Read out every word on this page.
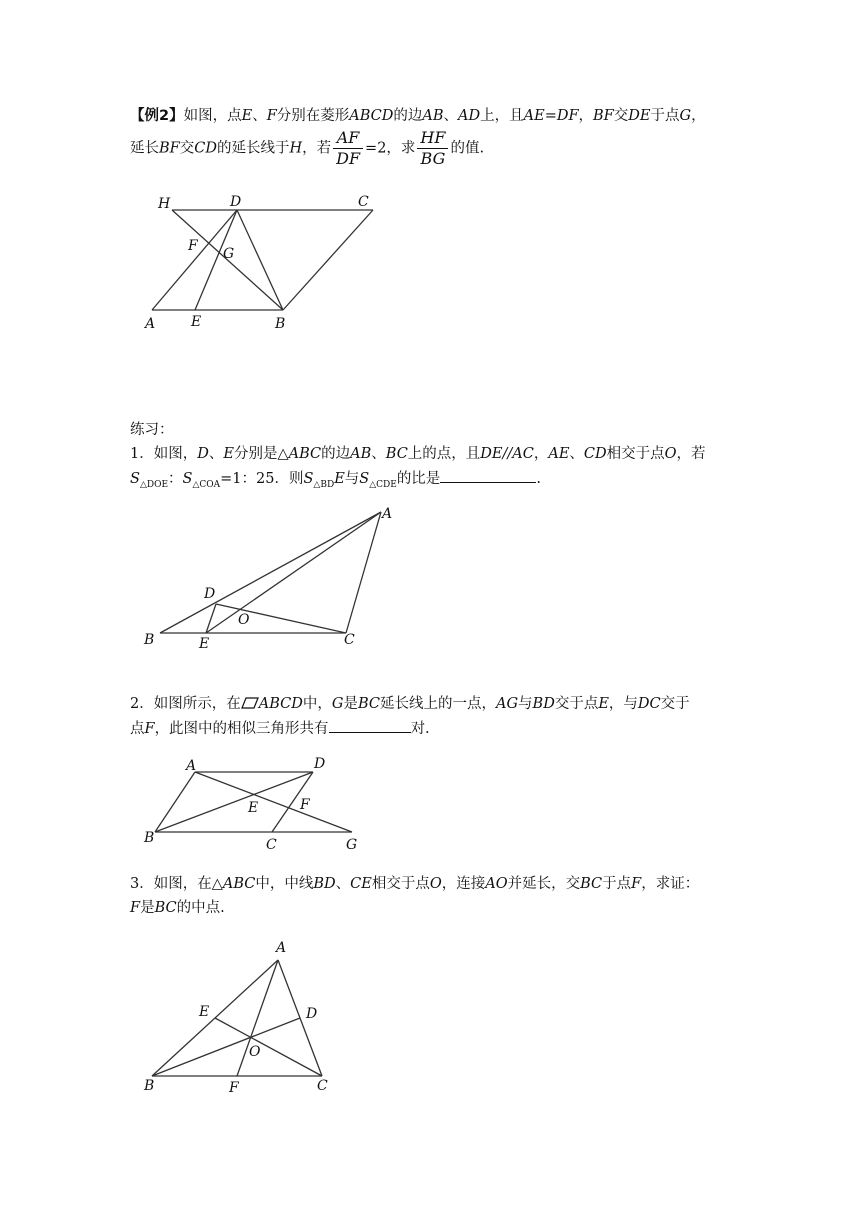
【例2】如图，点E、F分别在菱形ABCD的边AB、AD上，且AE=DF，BF交DE于点G，
延长BF交CD的延长线于H，若 $\frac{AF}{DF} =2$，求 $\frac{HF}{BG}$ 的值.
H	D	C
F G
A	E	B
练习：
1．如图，D、E分别是△ABC的边AB、BC上的点，且DE//AC，AE、CD相交于点O，若
$S_{\triangle DOE}$：$S_{\triangle COA}=1$：25．则$S_{\triangle BD}E$与$S_{\triangle CDE}$的比是	.
A
D
O
B	E	C
2．如图所示，在 ABCD中，G是BC延长线上的一点，AG与BD交于点E，与DC交于
点F，此图中的相似三角形共有	对.
A	D
E	F
B	C	G
3．如图，在△ABC中，中线BD、CE相交于点O，连接AO并延长，交BC于点F，求证：
F是BC的中点.
A
E	D
O
B	F	C
